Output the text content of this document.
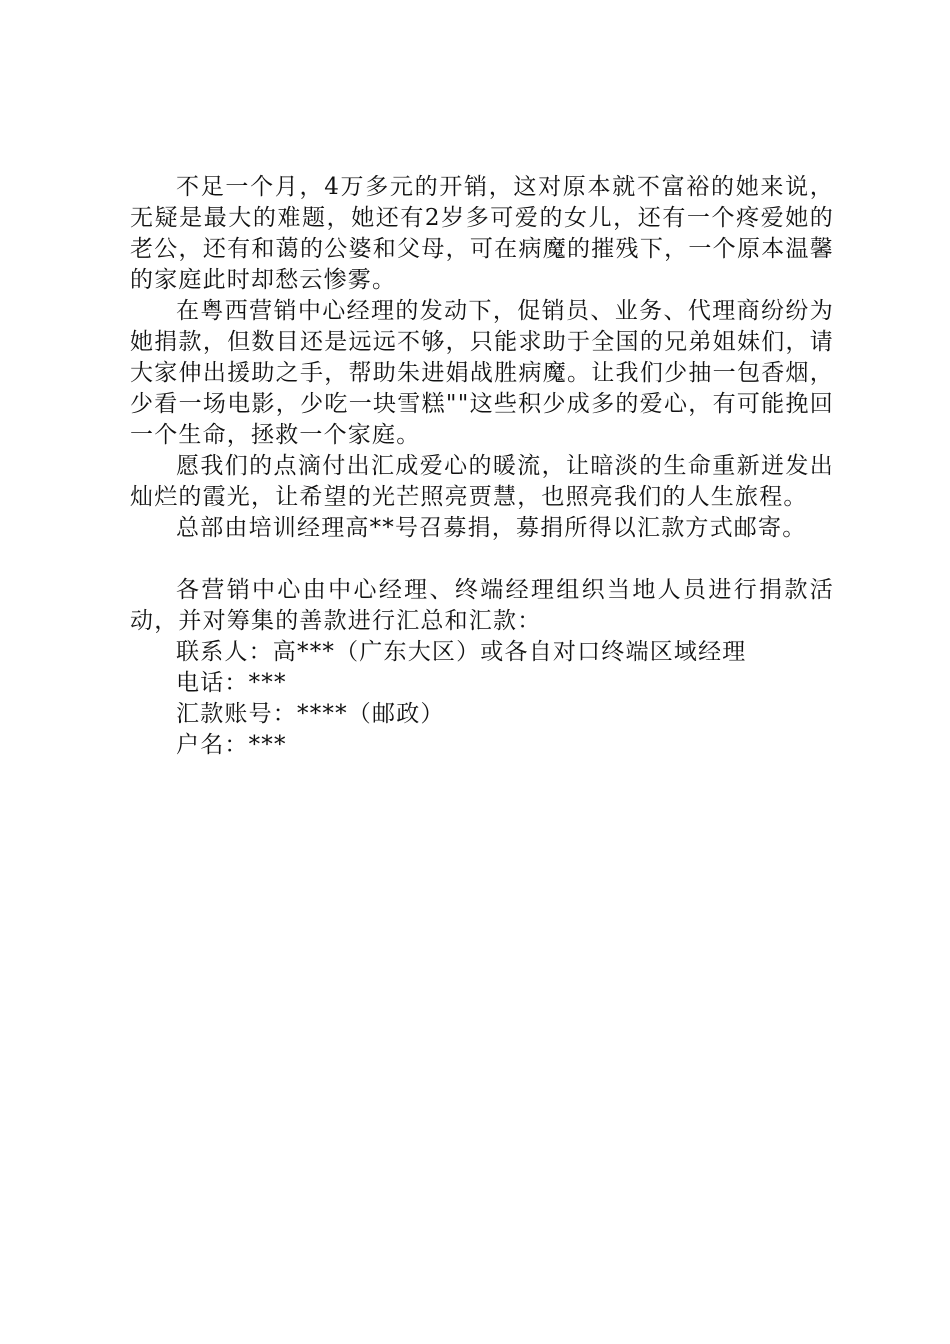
不足一个月，4万多元的开销，这对原本就不富裕的她来说，无疑是最大的难题，她还有2岁多可爱的女儿，还有一个疼爱她的老公，还有和蔼的公婆和父母，可在病魔的摧残下，一个原本温馨的家庭此时却愁云惨雾。

在粤西营销中心经理的发动下，促销员、业务、代理商纷纷为她捐款，但数目还是远远不够，只能求助于全国的兄弟姐妹们，请大家伸出援助之手，帮助朱进娟战胜病魔。让我们少抽一包香烟，少看一场电影，少吃一块雪糕""这些积少成多的爱心，有可能挽回一个生命，拯救一个家庭。

愿我们的点滴付出汇成爱心的暖流，让暗淡的生命重新迸发出灿烂的霞光，让希望的光芒照亮贾慧，也照亮我们的人生旅程。

总部由培训经理高**号召募捐，募捐所得以汇款方式邮寄。

各营销中心由中心经理、终端经理组织当地人员进行捐款活动，并对筹集的善款进行汇总和汇款：

联系人：高***（广东大区）或各自对口终端区域经理

电话：***

汇款账号：****（邮政）

户名：***
